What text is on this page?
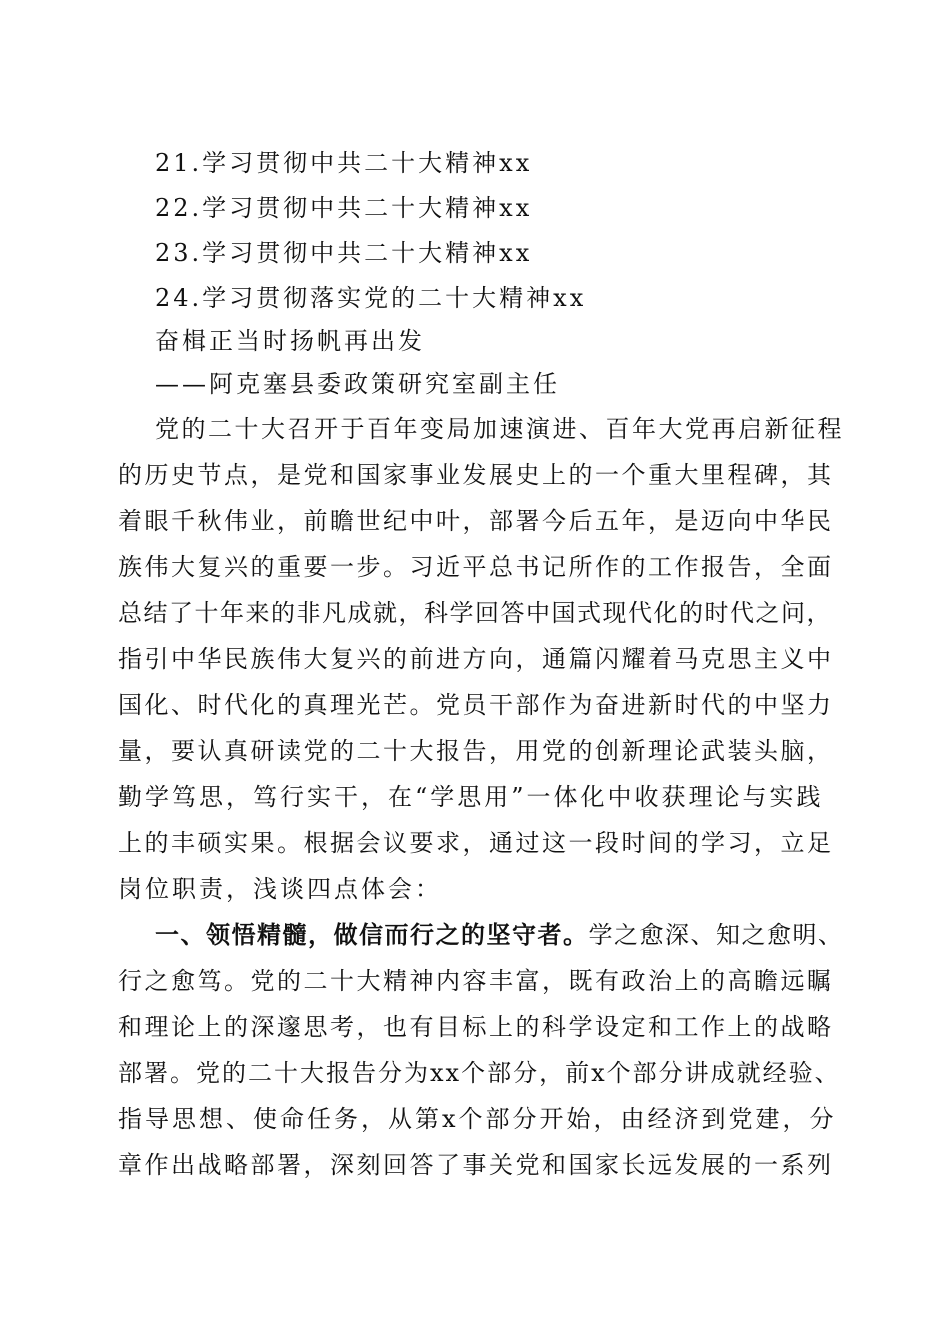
21.学习贯彻中共二十大精神xx
22.学习贯彻中共二十大精神xx
23.学习贯彻中共二十大精神xx
24.学习贯彻落实党的二十大精神xx
奋楫正当时扬帆再出发
——阿克塞县委政策研究室副主任
党的二十大召开于百年变局加速演进、百年大党再启新征程
的历史节点，是党和国家事业发展史上的一个重大里程碑，其
着眼千秋伟业，前瞻世纪中叶，部署今后五年，是迈向中华民
族伟大复兴的重要一步。习近平总书记所作的工作报告，全面
总结了十年来的非凡成就，科学回答中国式现代化的时代之问，
指引中华民族伟大复兴的前进方向，通篇闪耀着马克思主义中
国化、时代化的真理光芒。党员干部作为奋进新时代的中坚力
量，要认真研读党的二十大报告，用党的创新理论武装头脑，
勤学笃思，笃行实干，在“学思用”一体化中收获理论与实践
上的丰硕实果。根据会议要求，通过这一段时间的学习，立足
岗位职责，浅谈四点体会：
一、领悟精髓，做信而行之的坚守者。学之愈深、知之愈明、
行之愈笃。党的二十大精神内容丰富，既有政治上的高瞻远瞩
和理论上的深邃思考，也有目标上的科学设定和工作上的战略
部署。党的二十大报告分为xx个部分，前x个部分讲成就经验、
指导思想、使命任务，从第x个部分开始，由经济到党建，分
章作出战略部署，深刻回答了事关党和国家长远发展的一系列
